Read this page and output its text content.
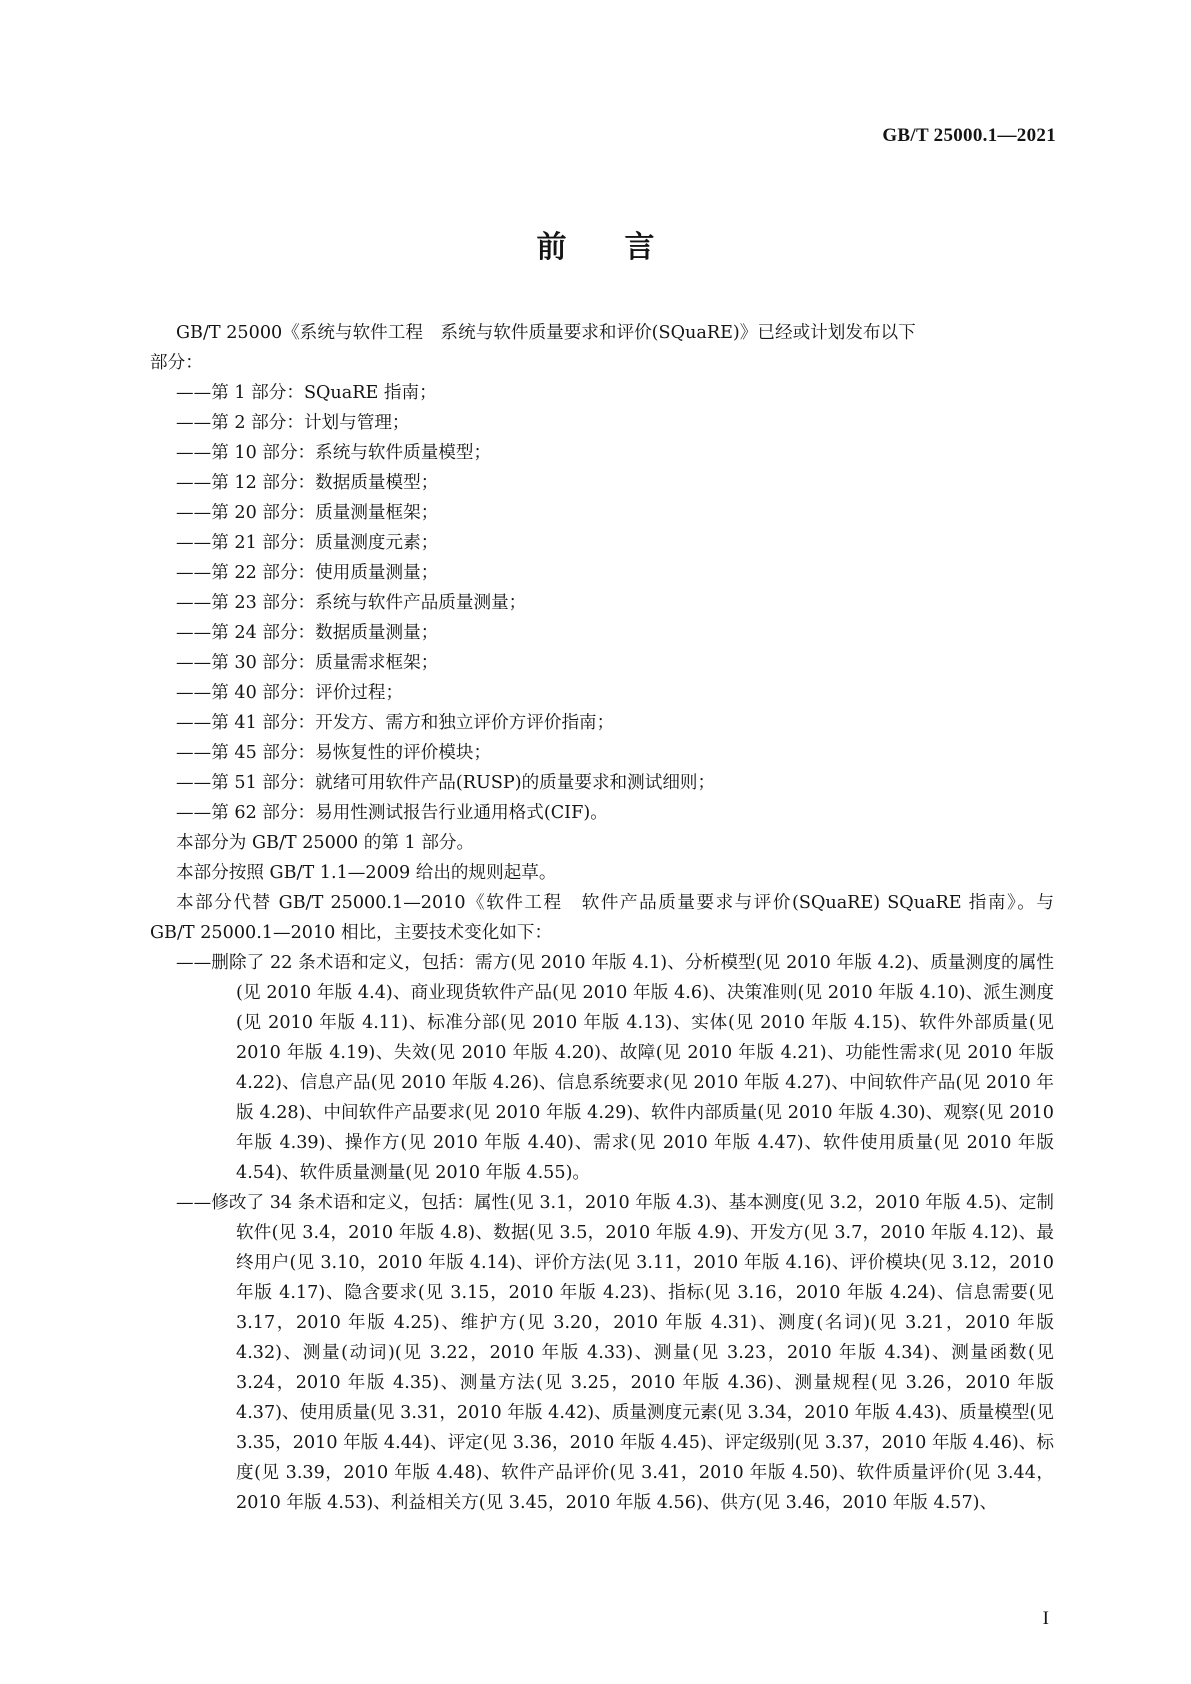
GB/T 25000.1—2021
前言

GB/T 25000《系统与软件工程　系统与软件质量要求和评价(SQuaRE)》已经或计划发布以下

部分：

——第 1 部分：SQuaRE 指南；
——第 2 部分：计划与管理；
——第 10 部分：系统与软件质量模型；
——第 12 部分：数据质量模型；
——第 20 部分：质量测量框架；
——第 21 部分：质量测度元素；
——第 22 部分：使用质量测量；
——第 23 部分：系统与软件产品质量测量；
——第 24 部分：数据质量测量；
——第 30 部分：质量需求框架；
——第 40 部分：评价过程；
——第 41 部分：开发方、需方和独立评价方评价指南；
——第 45 部分：易恢复性的评价模块；
——第 51 部分：就绪可用软件产品(RUSP)的质量要求和测试细则；
——第 62 部分：易用性测试报告行业通用格式(CIF)。

本部分为 GB/T 25000 的第 1 部分。

本部分按照 GB/T 1.1—2009 给出的规则起草。

本部分代替 GB/T 25000.1—2010《软件工程　软件产品质量要求与评价(SQuaRE) SQuaRE 指南》。与 GB/T 25000.1—2010 相比，主要技术变化如下：

——删除了 22 条术语和定义，包括：需方(见 2010 年版 4.1)、分析模型(见 2010 年版 4.2)、质量测度的属性(见 2010 年版 4.4)、商业现货软件产品(见 2010 年版 4.6)、决策准则(见 2010 年版 4.10)、派生测度(见 2010 年版 4.11)、标准分部(见 2010 年版 4.13)、实体(见 2010 年版 4.15)、软件外部质量(见 2010 年版 4.19)、失效(见 2010 年版 4.20)、故障(见 2010 年版 4.21)、功能性需求(见 2010 年版 4.22)、信息产品(见 2010 年版 4.26)、信息系统要求(见 2010 年版 4.27)、中间软件产品(见 2010 年版 4.28)、中间软件产品要求(见 2010 年版 4.29)、软件内部质量(见 2010 年版 4.30)、观察(见 2010 年版 4.39)、操作方(见 2010 年版 4.40)、需求(见 2010 年版 4.47)、软件使用质量(见 2010 年版 4.54)、软件质量测量(见 2010 年版 4.55)。

——修改了 34 条术语和定义，包括：属性(见 3.1，2010 年版 4.3)、基本测度(见 3.2，2010 年版 4.5)、定制软件(见 3.4，2010 年版 4.8)、数据(见 3.5，2010 年版 4.9)、开发方(见 3.7，2010 年版 4.12)、最终用户(见 3.10，2010 年版 4.14)、评价方法(见 3.11，2010 年版 4.16)、评价模块(见 3.12，2010 年版 4.17)、隐含要求(见 3.15，2010 年版 4.23)、指标(见 3.16，2010 年版 4.24)、信息需要(见 3.17，2010 年版 4.25)、维护方(见 3.20，2010 年版 4.31)、测度(名词)(见 3.21，2010 年版 4.32)、测量(动词)(见 3.22，2010 年版 4.33)、测量(见 3.23，2010 年版 4.34)、测量函数(见 3.24，2010 年版 4.35)、测量方法(见 3.25，2010 年版 4.36)、测量规程(见 3.26，2010 年版 4.37)、使用质量(见 3.31，2010 年版 4.42)、质量测度元素(见 3.34，2010 年版 4.43)、质量模型(见3.35，2010 年版 4.44)、评定(见 3.36，2010 年版 4.45)、评定级别(见 3.37，2010 年版 4.46)、标度(见 3.39，2010 年版 4.48)、软件产品评价(见 3.41，2010 年版 4.50)、软件质量评价(见 3.44，2010 年版 4.53)、利益相关方(见 3.45，2010 年版 4.56)、供方(见 3.46，2010 年版 4.57)、

I
